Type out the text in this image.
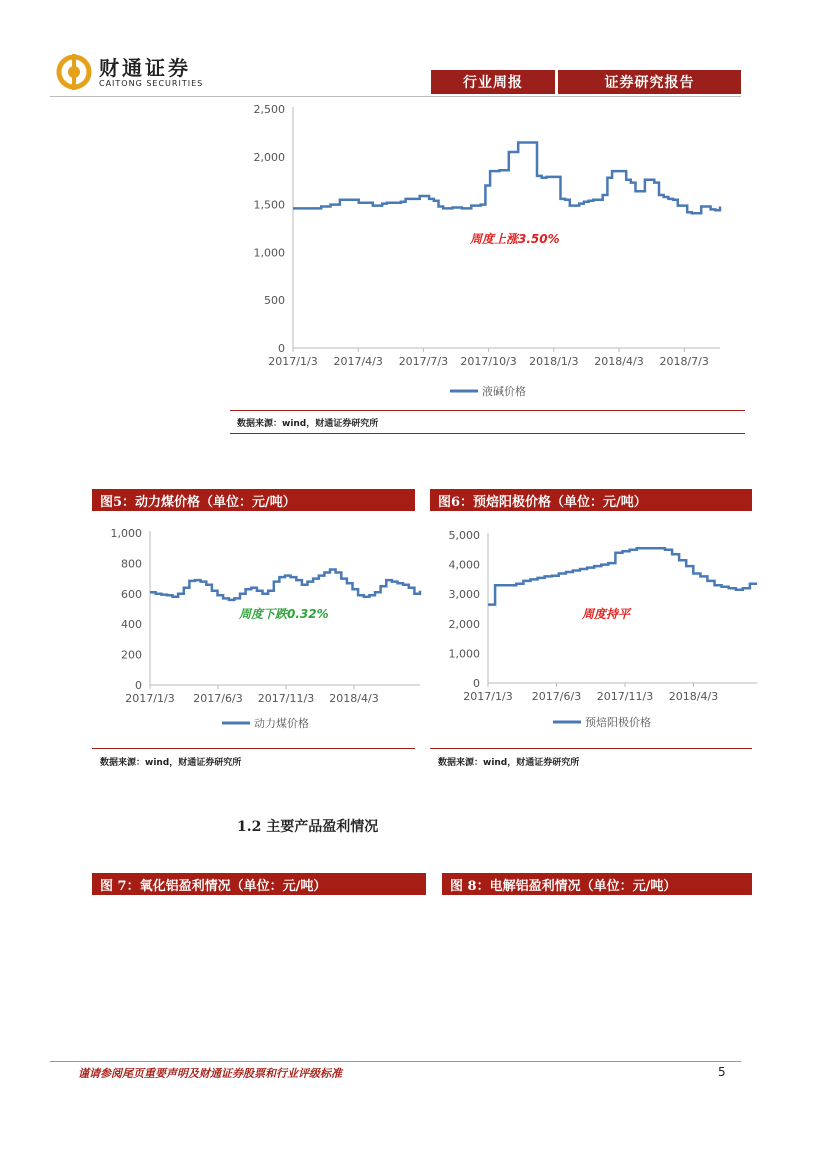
财通证券
CAITONG SECURITIES	行业周报	证券研究报告
0
500
1,000
1,500
2,000
2,500
2017/1/3 2017/4/3 2017/7/3 2017/10/3 2018/1/3 2018/4/3 2018/7/3
周度上涨3.50%
液碱价格
数据来源：wind，财通证券研究所
图5：动力煤价格（单位：元/吨）	图6：预焙阳极价格（单位：元/吨）
0
200
400
600
800
1,000
2017/1/3 2017/6/3 2017/11/3 2018/4/3
周度下跌0.32%
动力煤价格
0
1,000
2,000
3,000
4,000
5,000
2017/1/3 2017/6/3 2017/11/3 2018/4/3
周度持平
预焙阳极价格
数据来源：wind，财通证券研究所	数据来源：wind，财通证券研究所
1.2 主要产品盈利情况
图 7：氧化铝盈利情况（单位：元/吨）	图 8：电解铝盈利情况（单位：元/吨）
谨请参阅尾页重要声明及财通证券股票和行业评级标准	5
